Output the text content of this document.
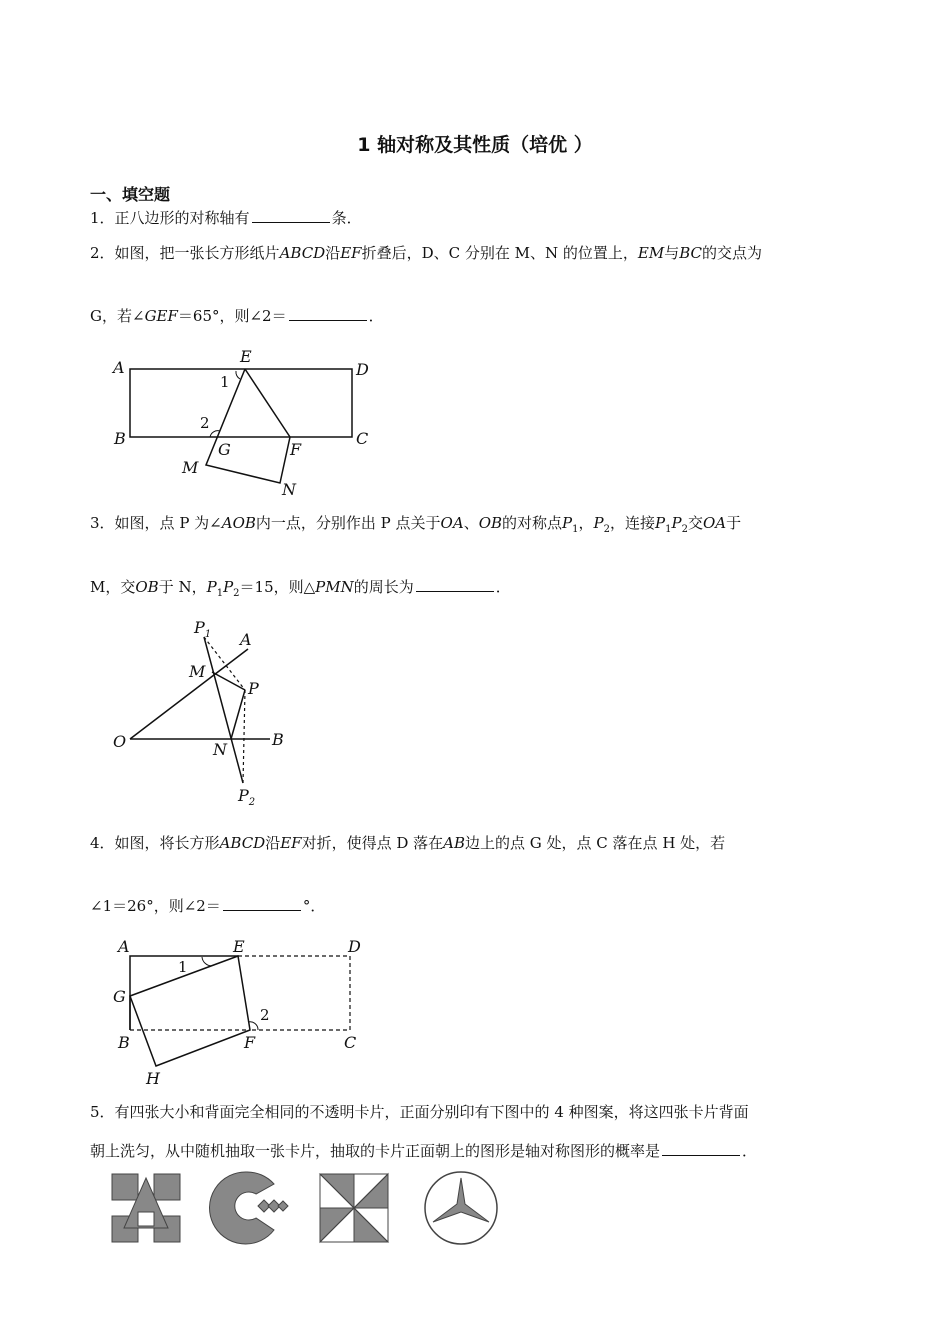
1 轴对称及其性质（培优 ）
一、填空题
1．正八边形的对称轴有	条．
2．如图，把一张长方形纸片ABCD沿EF折叠后，D、C 分别在 M、N 的位置上，EM与BC的交点为
G，若∠GEF＝65°，则∠2＝	．
A
E
D
B
G	F
C
M
N
1
2
3．如图，点 P 为∠AOB内一点，分别作出 P 点关于OA、OB的对称点$P_1$，$P_2$，连接$P_1P_2$交OA于
M，交OB于 N，$P_1P_2=15$，则△PMN的周长为	．
$P_1$ A
M
P
O	N
B
$P_2$
4．如图，将长方形ABCD沿EF对折，使得点 D 落在AB边上的点 G 处，点 C 落在点 H 处，若
∠1＝26°，则∠2＝	°．
A	E	D
G
B	F	C
H
1
2
5．有四张大小和背面完全相同的不透明卡片，正面分别印有下图中的 4 种图案，将这四张卡片背面
朝上洗匀，从中随机抽取一张卡片，抽取的卡片正面朝上的图形是轴对称图形的概率是	．
